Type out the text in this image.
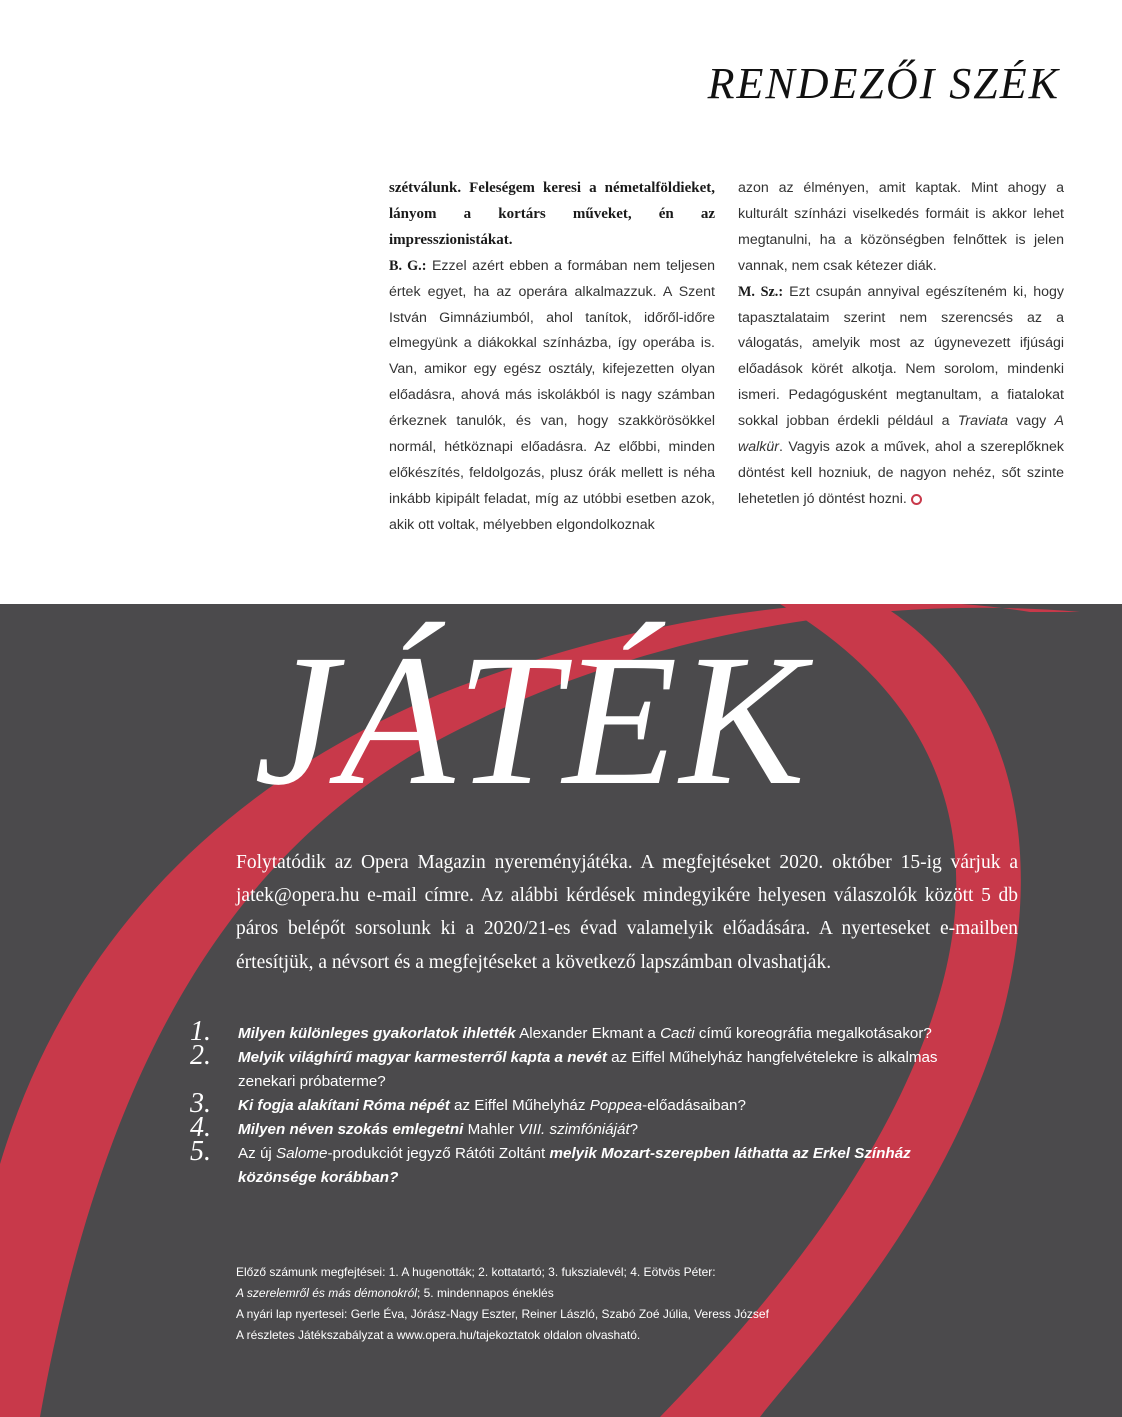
RENDEZŐI SZÉK
szétválunk. Feleségem keresi a németalföldieket, lányom a kortárs műveket, én az impresszionistákat.
B. G.: Ezzel azért ebben a formában nem teljesen értek egyet, ha az operára alkalmazzuk. A Szent István Gimnáziumból, ahol tanítok, időről-időre elmegyünk a diákokkal színházba, így operába is. Van, amikor egy egész osztály, kifejezetten olyan előadásra, ahová más iskolákból is nagy számban érkeznek tanulók, és van, hogy szakkörösökkel normál, hétköznapi előadásra. Az előbbi, minden előkészítés, feldolgozás, plusz órák mellett is néha inkább kipipált feladat, míg az utóbbi esetben azok, akik ott voltak, mélyebben elgondolkoznak
azon az élményen, amit kaptak. Mint ahogy a kulturált színházi viselkedés formáit is akkor lehet megtanulni, ha a közönségben felnőttek is jelen vannak, nem csak kétezer diák.
M. Sz.: Ezt csupán annyival egészíteném ki, hogy tapasztalataim szerint nem szerencsés az a válogatás, amelyik most az úgynevezett ifjúsági előadások körét alkotja. Nem sorolom, mindenki ismeri. Pedagógusként megtanultam, a fiatalokat sokkal jobban érdekli például a Traviata vagy A walkür. Vagyis azok a művek, ahol a szereplőknek döntést kell hozniuk, de nagyon nehéz, sőt szinte lehetetlen jó döntést hozni.
JÁTÉK

Folytatódik az Opera Magazin nyereményjátéka. A megfejtéseket 2020. október 15-ig várjuk a jatek@opera.hu e-mail címre. Az alábbi kérdések mindegyikére helyesen válaszolók között 5 db páros belépőt sorsolunk ki a 2020/21-es évad valamelyik előadására. A nyerteseket e-mailben értesítjük, a névsort és a megfejtéseket a következő lapszámban olvashatják.

1.	Milyen különleges gyakorlatok ihlették Alexander Ekmant a Cacti című koreográfia megalkotásakor?
2.	Melyik világhírű magyar karmesterről kapta a nevét az Eiffel Műhelyház hangfelvételekre is alkalmas zenekari próbaterme?
3.	Ki fogja alakítani Róma népét az Eiffel Műhelyház Poppea-előadásaiban?
4.	Milyen néven szokás emlegetni Mahler VIII. szimfóniáját?
5.	Az új Salome-produkciót jegyző Rátóti Zoltánt melyik Mozart-szerepben láthatta az Erkel Színház közönsége korábban?
Előző számunk megfejtései: 1. A hugenották; 2. kottatartó; 3. fukszialevél; 4. Eötvös Péter:
A szerelemről és más démonokról; 5. mindennapos éneklés
A nyári lap nyertesei: Gerle Éva, Jórász-Nagy Eszter, Reiner László, Szabó Zoé Júlia, Veress József
A részletes Játékszabályzat a www.opera.hu/tajekoztatok oldalon olvasható.
